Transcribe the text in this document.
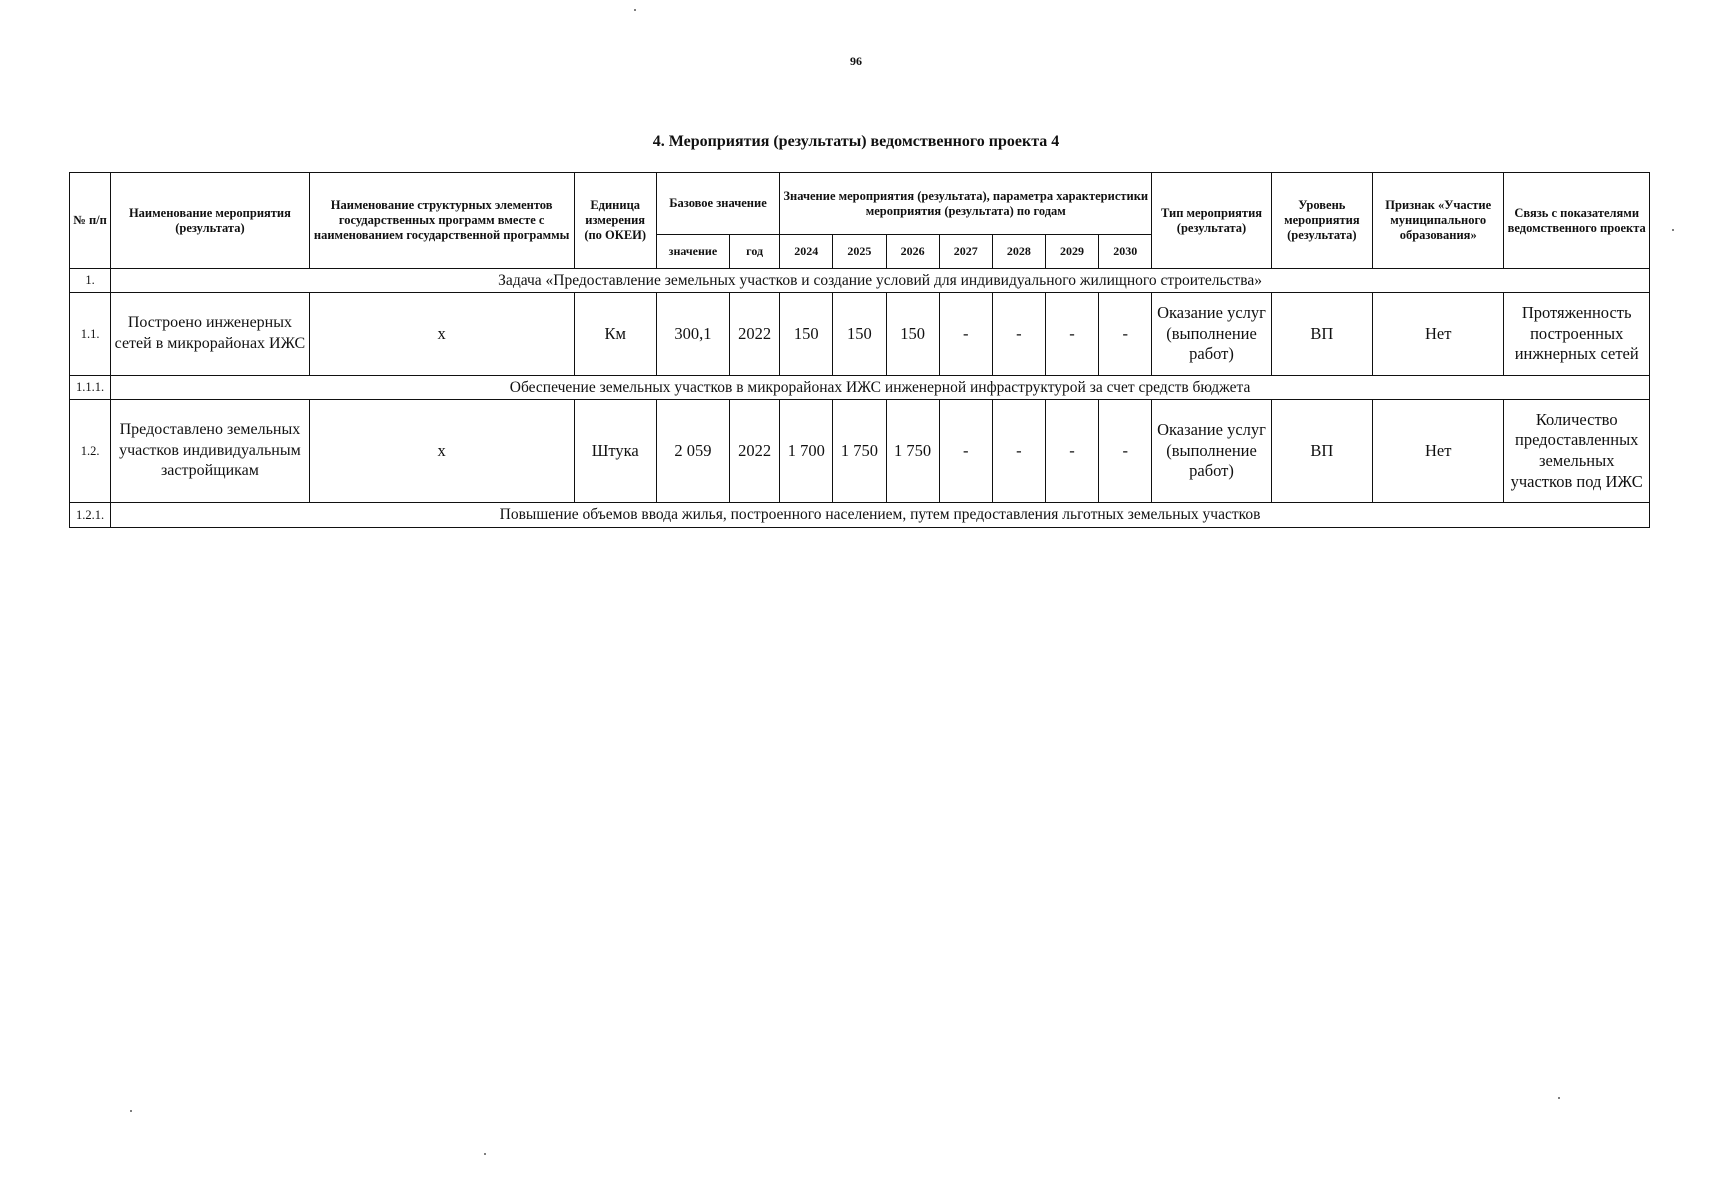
96
4. Мероприятия (результаты) ведомственного проекта 4
№ п/п	Наименование мероприятия (результата)	Наименование структурных элементов государственных программ вместе с наименованием государственной программы	Единица измерения (по ОКЕИ)	Базовое значение		Значение мероприятия (результата), параметра характеристики мероприятия (результата) по годам							Тип мероприятия (результата)	Уровень мероприятия (результата)	Признак «Участие муниципального образования»	Связь с показателями ведомственного проекта
				значение	год	2024	2025	2026	2027	2028	2029	2030				
1.	Задача «Предоставление земельных участков и создание условий для индивидуального жилищного строительства»															
1.1.	Построено инженерных сетей в микрорайонах ИЖС	х	Км	300,1	2022	150	150	150	-	-	-	-	Оказание услуг (выполнение работ)	ВП	Нет	Протяженность построенных инжнерных сетей
1.1.1.	Обеспечение земельных участков в микрорайонах ИЖС инженерной инфраструктурой за счет средств бюджета															
1.2.	Предоставлено земельных участков индивидуальным застройщикам	х	Штука	2 059	2022	1 700	1 750	1 750	-	-	-	-	Оказание услуг (выполнение работ)	ВП	Нет	Количество предоставленных земельных участков под ИЖС
1.2.1.	Повышение объемов ввода жилья, построенного населением, путем предоставления льготных земельных участков															
